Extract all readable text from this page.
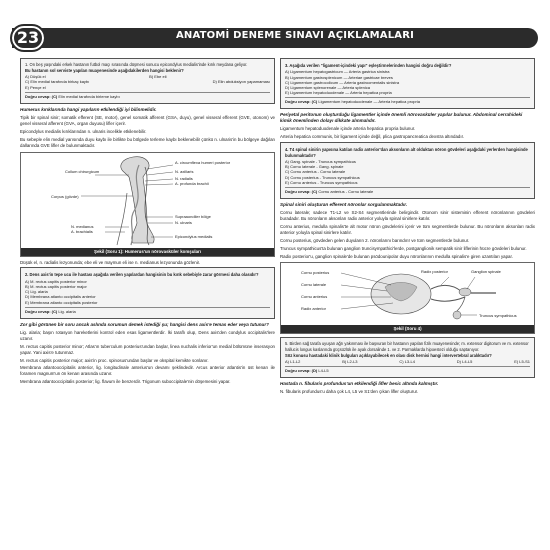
23	ANATOMİ DENEME SINAVI AÇIKLAMALARI
1. On beş yaşındaki erkek hastanın futbol maçı sırasında düşmesi sonucu epicondylus medialis'inde kırık meydana geliyor.
Bu hastanın sol serviste yapılan muayenesinde aşağıdakilerden hangisi beklenir?
A) Düşük el	B) Ebe eli
C) Elin medial tarafında birkaç kaybı	D) Elin abduksiyon yapamaması
E) Pençe el
Doğru cevap: (C) Elin medial tarafında birleme kaybı
Humerus kırıklarında hangi yapıların etkilendiği iyi bilinmelidir.
Tipik bir spinal sinir; somatik efferent (SE, motor), genel somatik afferent (GSA, duyu), genel visseral efferent (GVE, otonom) ve genel visseral afferent (GVA, organ duyusu) lifler içerir.
Epicondylus medialis kırıklarından n. ulnaris incelikle etkilenebilir.
Bu sebeple elin medial yarısında duyu kaybı ile birlikte bu bölgede terleme kaybı beklenebilir çünkü n. ulnaris'in bu bölgeye dağılan dallarında GVE lifler de bulunmaktadır.
Collum chirurgicum
Corpus (gövde)
A. circumflexa humeri posterior
N. axillaris
N. radialis
A. profunda brachii
Supraaondiler bölge
N. ulnaris
N. medianus
A. brachialis
Epicondylus medialis
Şekil (Soru 1): Humerus'un nörovasküler komşuları
Düşük el, n. radialis lezyonunda; ebe eli ve maymun eli ise n. medianus lezyonunda gözlenir.
2. Dens axis'in tepe ucu ile hastası aşağıda verilen yapılardan hangisinin bu kırık sebebiyle zarar görmesi daha olasıdır?
A) M. rectus capitis posterior minor
B) M. rectus capitis posterior major
C) Lig. alaria
D) Membrana atlanto occipitalis anterior
E) Membrana atlanto occipitalis posterior
Doğru cevap: (C) Lig. alaria
Zor gibi görünen bir soru ancak aslında sorumun demek istediği şu; hangisi dens axis'e temas eder veya tutunur?
Lig. alaria; başın rotasyon hareketlerini kontrol eden esas ligamentlerdir. İki taraflı olup, Dens axis'den condylus occipitalis'lere uzanır.
M. rectus capitis posterior minor; Atlas'ın tuberculum posterius'undan başlar, linea nuchalis inferior'un medial bölümüne inserasyon yapar. Yani axis'e tutunmaz.
M. rectus capitis posterior major; axis'in proc. spinosus'undan başlar ve okspital kemikte sonlanır.
Membrana atlantooccipitalis anterior, lig. longitudinale anterius'un devamı şeklindedir. Arcus anterior atlantis'in üst kenarı ile foramen magnum'un ön kenarı arasında uzanır.
Membrana atlantooccipitalis posterior; lig. flavum ile benzerdir. Trigonum suboccipitale'nin döşemesini yapar.
3. Aşağıda verilen "ligament-içindeki yapı" eşleştirmelerinden hangisi doğru değildir?
A) Ligamentum hepatogastricum — Arteria gastrica sinistra
B) Ligamentum gastrosplenicum — Arteriae gastricae breves
C) Ligamentum gastrocolicum — Arteria gastroomentalis sinistra
D) Ligamentum splenorenale — Arteria splenica
E) Ligamentum hepatoduodenale — Arteria hepatica propria
Doğru cevap: (C) Ligamentum hepatoduodenale — Arteria hepatica propria
Periyetal peritonun oluşturduğu ligamentler içinde önemli nörovasküler yapılar bulunur. Abdominal cerrahideki kimik önemlinden dolayı dikkate alınmalıdır.
Ligamentum hepatoduodenale içinde arteria hepatica propria bulunur.
Arteria hepatica communis, bir ligament içinde değil, plica gastropancreatica dexstra altındadır.
4. T4 spinal sinirin yapısına katılan radix anterior'dan aksonların alt olduktan nöron gövdeleri aşağıdaki yerlerden hangisinde bulunmaktadır?
A) Gang. spinale - Truncus sympathicus
B) Cornu laterale - Gang. spinale
C) Cornu anterius - Cornu laterale
D) Cornu posterius - Truncus sympathicus
E) Cornu anterius - Truncus sympathicus
Doğru cevap: (C) Cornu anterius - Cornu laterale
Spinal siniri oluşturan efferent nöronlar sorgulanmaktadır.
Cornu laterale; sadece T1-L2 ve S2-S4 segmentlerinde belirgindir. Otonom sinir sisteminin efferent nöronlarının gövdeleri buradadır. Bu nöronların aksonları radix anterior yoluyla spinal sinirlere katılır.
Cornu anterius, medulla spinalis'te alt motor nöron gövdelerini içerir ve tüm segmentlerde bulunur. Bu nöronların aksonları radix anterior yoluyla spinal sinirlere katılır.
Cornu posterius, gövdeden gelen duyuların 2. nöronlarını barındırır ve tüm segmentlerde bulunur.
Truncus sympathicus'ta bulunan ganglion truncisympathici'lerde, postganglionik sempatik sinir liflerinin hücre gövdeleri bulunur.
Radix posterior'u, ganglion spinale'de bulunan psödounipolar duyu nöronlarının medulla spinalis'e giren uzantıları yapar.
Cornu posterius
Cornu laterale
Cornu anterius
Radix anterior
Radix posterior	Ganglion spinale
Truncus sympathicus
Şekil (Soru 4)
5. Birden sağ tarafa uyuşan ağrı yakınması ile başvuran bir hastanın yapılan fizik muayenesinde; m. extensor digitorum ve m. extensor hallucis longus kaslarında güçsüzlük ile ayak dorsalinde 1. ve 2. Parmaklarda hipoestezi olduğu saptanıyor.
Söz konusu hastadaki klinik bulguları açıklayabilecek en olası disk hernisi hangi intervertebral aralıktadır?
A) L1-L2	B) L2-L3	C) L3-L4	D) L4-L5	E) L5-S1
Doğru cevap: (D) L4-L5
Hastada n. fibularis profundus'un etkilendiği lifler besic altında kalmıştır.
N. fibularis profundus'u daha çok L4, L5 ve S1'den çıkan lifler oluşturur.
